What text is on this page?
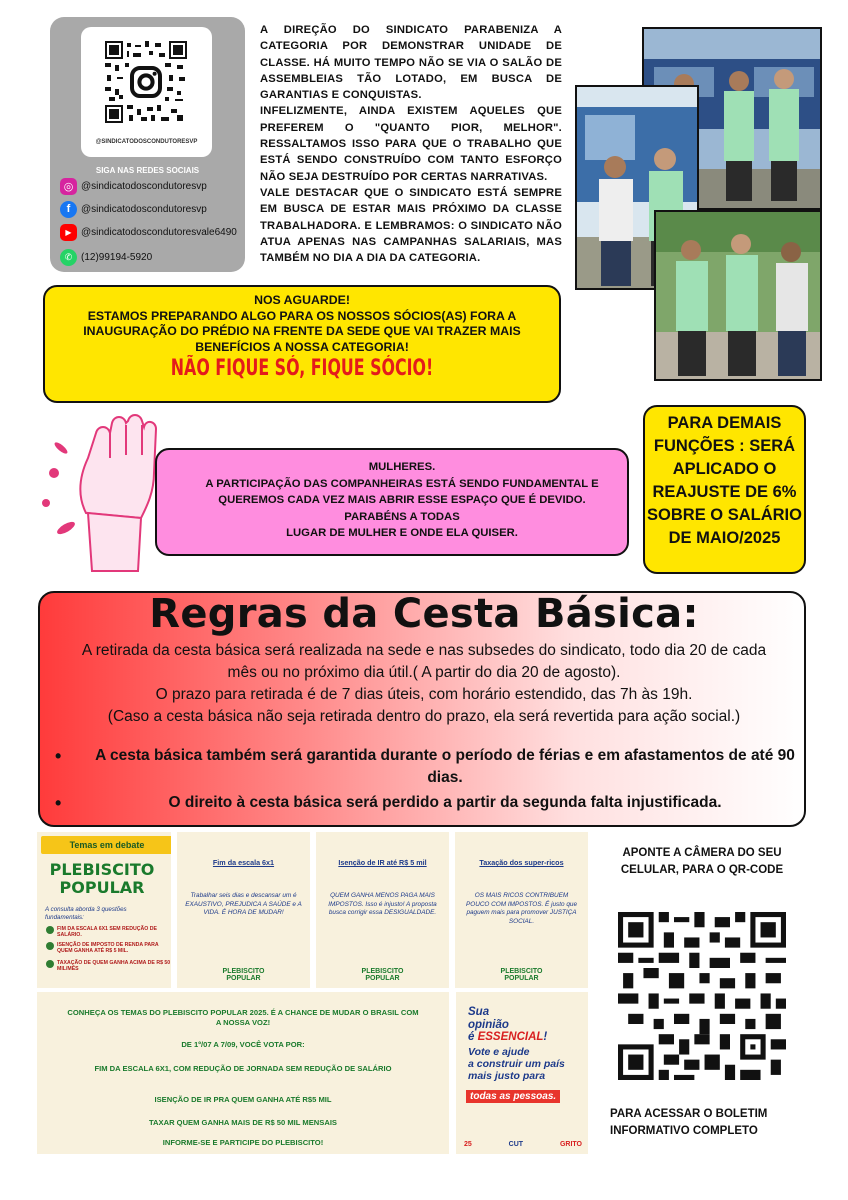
@SINDICATODOSCONDUTORESVP
SIGA NAS REDES SOCIAIS
◎ @sindicatodoscondutoresvp
f	@sindicatodoscondutoresvp
▶ @sindicatodoscondutoresvale6490
✆ (12)99194-5920

A DIREÇÃO DO SINDICATO PARABENIZA A CATEGORIA POR DEMONSTRAR UNIDADE DE CLASSE. HÁ MUITO TEMPO NÃO SE VIA O SALÃO DE ASSEMBLEIAS TÃO LOTADO, EM BUSCA DE GARANTIAS E CONQUISTAS.

INFELIZMENTE, AINDA EXISTEM AQUELES QUE PREFEREM O "QUANTO PIOR, MELHOR". RESSALTAMOS ISSO PARA QUE O TRABALHO QUE ESTÁ SENDO CONSTRUÍDO COM TANTO ESFORÇO NÃO SEJA DESTRUÍDO POR CERTAS NARRATIVAS.

VALE DESTACAR QUE O SINDICATO ESTÁ SEMPRE EM BUSCA DE ESTAR MAIS PRÓXIMO DA CLASSE TRABALHADORA. E LEMBRAMOS: O SINDICATO NÃO ATUA APENAS NAS CAMPANHAS SALARIAIS, MAS TAMBÉM NO DIA A DIA DA CATEGORIA.

NOS AGUARDE!
ESTAMOS PREPARANDO ALGO PARA OS NOSSOS SÓCIOS(AS) FORA A
INAUGURAÇÃO DO PRÉDIO NA FRENTE DA SEDE QUE VAI TRAZER MAIS
BENEFÍCIOS A NOSSA CATEGORIA!
NÃO FIQUE SÓ, FIQUE SÓCIO!
MULHERES.
A PARTICIPAÇÃO DAS COMPANHEIRAS ESTÁ SENDO FUNDAMENTAL E
QUEREMOS CADA VEZ MAIS ABRIR ESSE ESPAÇO QUE É DEVIDO.
PARABÉNS A TODAS
LUGAR DE MULHER E ONDE ELA QUISER.
PARA DEMAIS
FUNÇÕES : SERÁ
APLICADO O
REAJUSTE DE 6%
SOBRE O SALÁRIO
DE MAIO/2025
Regras da Cesta Básica:
A retirada da cesta básica será realizada na sede e nas subsedes do sindicato, todo dia 20 de cada
mês ou no próximo dia útil.( A partir do dia 20 de agosto).
O prazo para retirada é de 7 dias úteis, com horário estendido, das 7h às 19h.
(Caso a cesta básica não seja retirada dentro do prazo, ela será revertida para ação social.)
• A cesta básica também será garantida durante o período de férias e em afastamentos de até 90 dias.
• O direito à cesta básica será perdido a partir da segunda falta injustificada.
Temas em debate
PLEBISCITO
POPULAR
A consulta aborda 3 questões fundamentais:
FIM DA ESCALA 6X1 SEM REDUÇÃO DE SALÁRIO.
ISENÇÃO DE IMPOSTO DE RENDA PARA QUEM GANHA ATÉ R$ 5 MIL.
TAXAÇÃO DE QUEM GANHA ACIMA DE R$ 50 MIL/MÊS
Fim da escala 6x1
Trabalhar seis dias e descansar um é EXAUSTIVO, PREJUDICA A SAÚDE e A VIDA. É HORA DE MUDAR!
PLEBISCITO
POPULAR
Isenção de IR até R$ 5 mil
QUEM GANHA MENOS PAGA MAIS IMPOSTOS. Isso é injusto! A proposta busca corrigir essa DESIGUALDADE.
PLEBISCITO
POPULAR
Taxação dos super-ricos
OS MAIS RICOS CONTRIBUEM POUCO COM IMPOSTOS. É justo que paguem mais para promover JUSTIÇA SOCIAL.
PLEBISCITO
POPULAR

CONHEÇA OS TEMAS DO PLEBISCITO POPULAR 2025. É A CHANCE DE MUDAR O BRASIL COM A NOSSA VOZ!

DE 1º/07 A 7/09, VOCÊ VOTA POR:

FIM DA ESCALA 6X1, COM REDUÇÃO DE JORNADA SEM REDUÇÃO DE SALÁRIO

ISENÇÃO DE IR PRA QUEM GANHA ATÉ R$5 MIL

TAXAR QUEM GANHA MAIS DE R$ 50 MIL MENSAIS

INFORME-SE E PARTICIPE DO PLEBISCITO!

Sua
opinião
é ESSENCIAL!
Vote e ajude
a construir um país
mais justo para
todas as pessoas.
25	CUT	GRITO
APONTE A CÂMERA DO SEU CELULAR, PARA O QR-CODE
PARA ACESSAR O BOLETIM INFORMATIVO COMPLETO
